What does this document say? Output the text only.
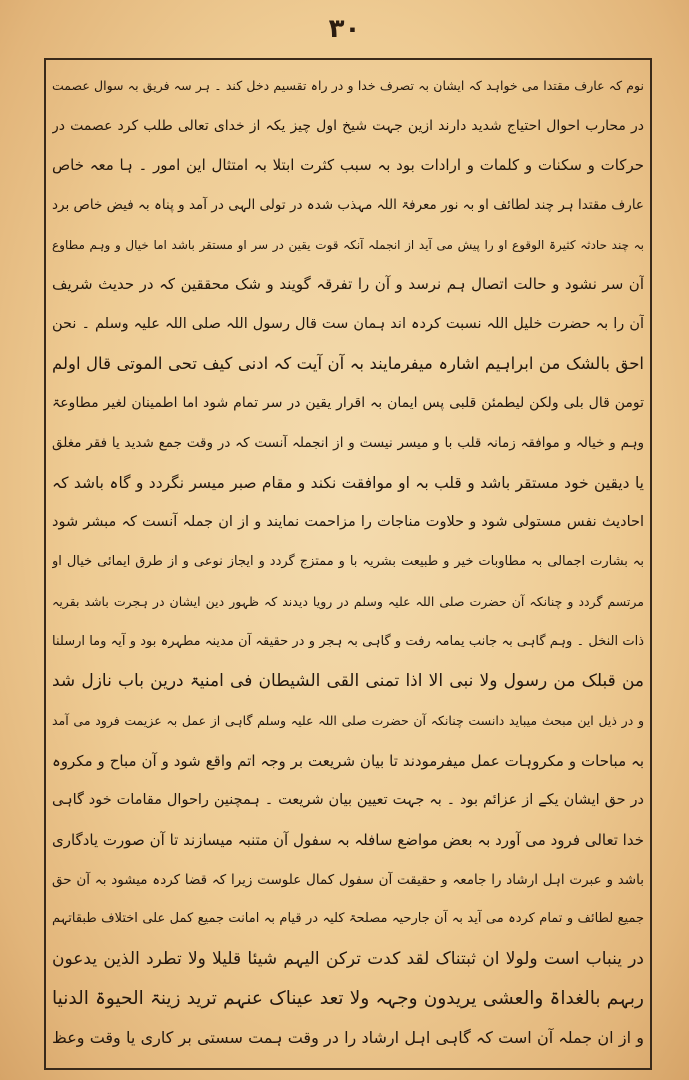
۳۰
نوم کہ عارف مقتدا می خواہد کہ ایشان بہ تصرف خدا و در راہ تقسیم دخل کند ۔ ہر سہ فریق بہ سوال عصمت
در محارب احوال احتیاج شدید دارند ازین جہت شیخ اول چیز یکہ از خدای تعالی طلب کرد عصمت در
حرکات و سکنات و کلمات و ارادات بود بہ سبب کثرت ابتلا بہ امتثال این امور ۔ ہا معہ خاص
عارف مقتدا ہر چند لطائف او بہ نور معرفۃ اللہ مہذب شدہ در تولی الہی در آمد و پناہ بہ فیض خاص برد
بہ چند حادثہ کثیرۃ الوقوع او را پیش می آید از انجملہ آنکہ قوت یقین در سر او مستقر باشد اما خیال و وہم مطاوع
آن سر نشود و حالت اتصال ہم نرسد و آن را تفرقہ گویند و شک محققین کہ در حدیث شریف
آن را بہ حضرت خلیل اللہ نسبت کردہ اند ہمان ست قال رسول اللہ صلی اللہ علیہ وسلم ۔ نحن
احق بالشک من ابراہیم اشارہ میفرمایند بہ آن آیت کہ ادنی کیف تحی الموتی قال اولم
تومن قال بلی ولکن لیطمئن قلبی پس ایمان بہ اقرار یقین در سر تمام شود اما اطمینان لغیر مطاوعۃ
وہم و خیالہ و موافقہ زمانہ قلب با و میسر نیست و از انجملہ آنست کہ در وقت جمع شدید یا فقر مغلق
یا دیقین خود مستقر باشد و قلب بہ او موافقت نکند و مقام صبر میسر نگردد و گاہ باشد کہ
احادیث نفس مستولی شود و حلاوت مناجات را مزاحمت نمایند و از ان جملہ آنست کہ مبشر شود
بہ بشارت اجمالی بہ مطاوبات خیر و طبیعت بشریہ با و ممتزج گردد و ایجاز نوعی و از طرق ایمائی خیال او
مرتسم گردد و چنانکہ آن حضرت صلی اللہ علیہ وسلم در رویا دیدند کہ ظہور دین ایشان در ہجرت باشد بقریہ
ذات النخل ۔ وہم گاہی بہ جانب یمامہ رفت و گاہی بہ ہجر و در حقیقہ آن مدینہ مطہرہ بود و آیہ وما ارسلنا
من قبلک من رسول ولا نبی الا اذا تمنی القی الشیطان فی امنیۃ درین باب نازل شد
و در ذیل این مبحث میباید دانست چنانکہ آن حضرت صلی اللہ علیہ وسلم گاہی از عمل بہ عزیمت فرود می آمد
بہ مباحات و مکروہات عمل میفرمودند تا بیان شریعت بر وجہ اتم واقع شود و آن مباح و مکروہ
در حق ایشان یکے از عزائم بود ۔ بہ جہت تعیین بیان شریعت ۔ ہمچنین راحوال مقامات خود گاہی
خدا تعالی فرود می آورد بہ بعض مواضع سافلہ بہ سفول آن متنبہ میسازند تا آن صورت یادگاری
باشد و عبرت اہل ارشاد را جامعہ و حقیقت آن سفول کمال علوست زیرا کہ قضا کردہ میشود بہ آن حق
جمیع لطائف و تمام کردہ می آید بہ آن جارحیہ مصلحۃ کلیہ در قیام بہ امانت جمیع کمل علی اختلاف طبقاتہم
در ینباب است ولولا ان ثبتناک لقد کدت ترکن الیہم شیئا قلیلا ولا تطرد الذین یدعون
ربہم بالغداۃ والعشی یریدون وجہہ ولا تعد عیناک عنہم ترید زینۃ الحیوۃ الدنیا
و از ان جملہ آن است کہ گاہی اہل ارشاد را در وقت ہمت سستی بر کاری یا وقت وعظ
